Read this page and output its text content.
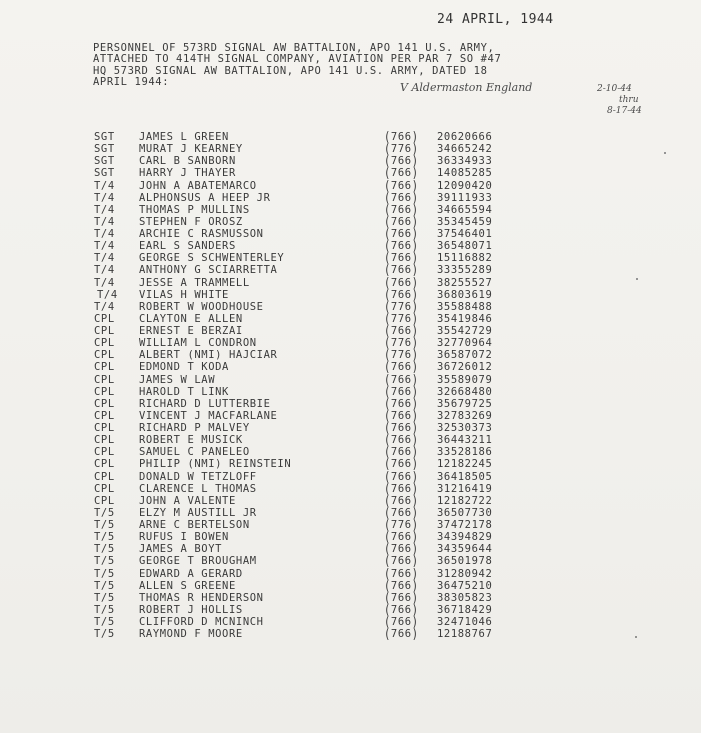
24 APRIL, 1944
PERSONNEL OF 573RD SIGNAL AW BATTALION, APO 141 U.S. ARMY,
ATTACHED TO 414TH SIGNAL COMPANY, AVIATION PER PAR 7 SO #47
HQ 573RD SIGNAL AW BATTALION, APO 141 U.S. ARMY, DATED 18
APRIL 1944:	V Aldermaston England	2-10-44
thru
8-17-44
SGT JAMES L GREEN	(766) 20620666
SGT MURAT J KEARNEY	(776) 34665242
SGT CARL B SANBORN	(766) 36334933
SGT HARRY J THAYER	(766) 14085285
T/4 JOHN A ABATEMARCO	(766) 12090420
T/4 ALPHONSUS A HEEP JR	(766) 39111933
T/4 THOMAS P MULLINS	(766) 34665594
T/4 STEPHEN F OROSZ	(766) 35345459
T/4 ARCHIE C RASMUSSON	(766) 37546401
T/4 EARL S SANDERS	(766) 36548071
T/4 GEORGE S SCHWENTERLEY	(766) 15116882
T/4 ANTHONY G SCIARRETTA	(766) 33355289
T/4 JESSE A TRAMMELL	(766) 38255527
T/4 VILAS H WHITE	(766) 36803619
T/4 ROBERT W WOODHOUSE	(776) 35588488
CPL CLAYTON E ALLEN	(776) 35419846
CPL ERNEST E BERZAI	(766) 35542729
CPL WILLIAM L CONDRON	(776) 32770964
CPL ALBERT (NMI) HAJCIAR	(776) 36587072
CPL EDMOND T KODA	(766) 36726012
CPL JAMES W LAW	(766) 35589079
CPL HAROLD T LINK	(766) 32668480
CPL RICHARD D LUTTERBIE	(766) 35679725
CPL VINCENT J MACFARLANE	(766) 32783269
CPL RICHARD P MALVEY	(766) 32530373
CPL ROBERT E MUSICK	(766) 36443211
CPL SAMUEL C PANELEO	(766) 33528186
CPL PHILIP (NMI) REINSTEIN	(766) 12182245
CPL DONALD W TETZLOFF	(766) 36418505
CPL CLARENCE L THOMAS	(766) 31216419
CPL JOHN A VALENTE	(766) 12182722
T/5 ELZY M AUSTILL JR	(766) 36507730
T/5 ARNE C BERTELSON	(776) 37472178
T/5 RUFUS I BOWEN	(766) 34394829
T/5 JAMES A BOYT	(766) 34359644
T/5 GEORGE T BROUGHAM	(766) 36501978
T/5 EDWARD A GERARD	(766) 31280942
T/5 ALLEN S GREENE	(766) 36475210
T/5 THOMAS R HENDERSON	(766) 38305823
T/5 ROBERT J HOLLIS	(766) 36718429
T/5 CLIFFORD D MCNINCH	(766) 32471046
T/5 RAYMOND F MOORE	(766) 12188767
